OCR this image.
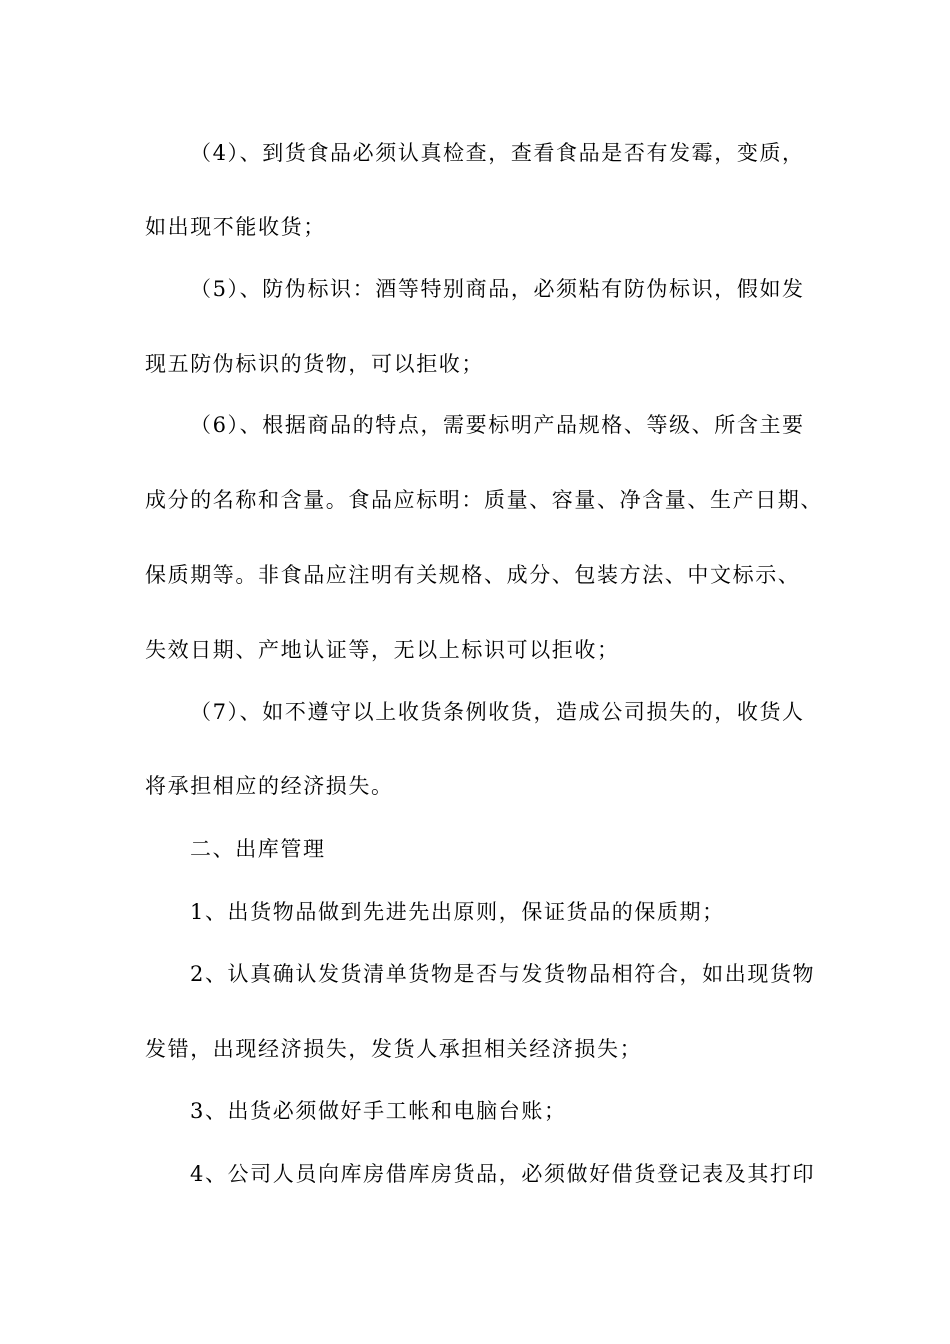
（4）、到货食品必须认真检查，查看食品是否有发霉，变质，
如出现不能收货；
（5）、防伪标识：酒等特别商品，必须粘有防伪标识，假如发
现五防伪标识的货物，可以拒收；
（6）、根据商品的特点，需要标明产品规格、等级、所含主要
成分的名称和含量。食品应标明：质量、容量、净含量、生产日期、
保质期等。非食品应注明有关规格、成分、包装方法、中文标示、
失效日期、产地认证等，无以上标识可以拒收；
（7）、如不遵守以上收货条例收货，造成公司损失的，收货人
将承担相应的经济损失。
二、出库管理
1、出货物品做到先进先出原则，保证货品的保质期；
2、认真确认发货清单货物是否与发货物品相符合，如出现货物
发错，出现经济损失，发货人承担相关经济损失；
3、出货必须做好手工帐和电脑台账；
4、公司人员向库房借库房货品，必须做好借货登记表及其打印
